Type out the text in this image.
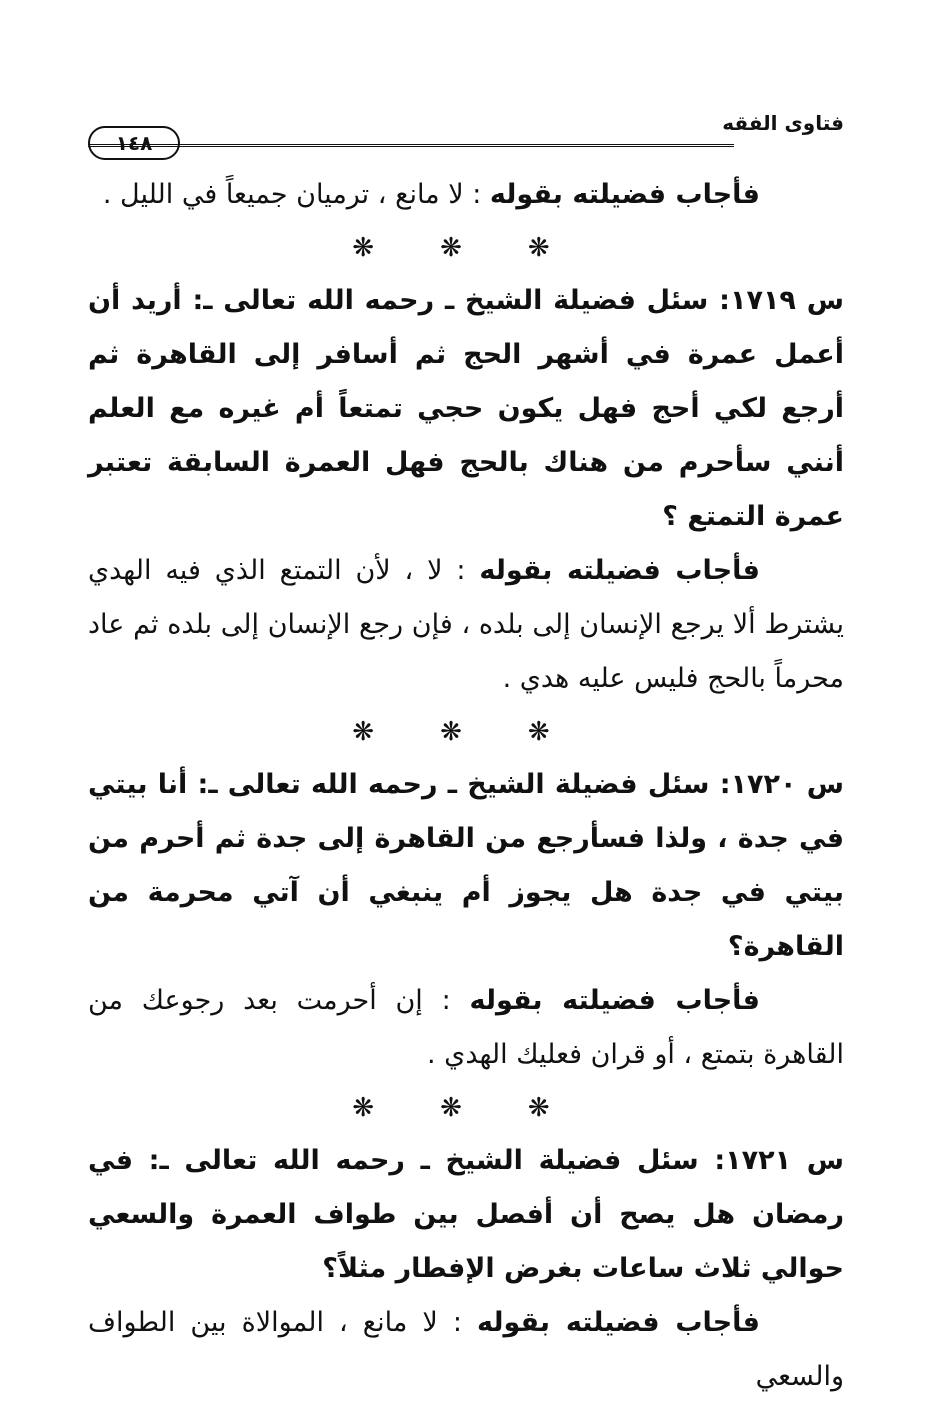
فتاوى الفقه
١٤٨

فأجاب فضيلته بقوله : لا مانع ، ترميان جميعاً في الليل .

❋ ❋ ❋

س ١٧١٩: سئل فضيلة الشيخ ـ رحمه الله تعالى ـ: أريد أن أعمل عمرة في أشهر الحج ثم أسافر إلى القاهرة ثم أرجع لكي أحج فهل يكون حجي تمتعاً أم غيره مع العلم أنني سأحرم من هناك بالحج فهل العمرة السابقة تعتبر عمرة التمتع ؟

فأجاب فضيلته بقوله : لا ، لأن التمتع الذي فيه الهدي يشترط ألا يرجع الإنسان إلى بلده ، فإن رجع الإنسان إلى بلده ثم عاد محرماً بالحج فليس عليه هدي .

❋ ❋ ❋

س ١٧٢٠: سئل فضيلة الشيخ ـ رحمه الله تعالى ـ: أنا بيتي في جدة ، ولذا فسأرجع من القاهرة إلى جدة ثم أحرم من بيتي في جدة هل يجوز أم ينبغي أن آتي محرمة من القاهرة؟

فأجاب فضيلته بقوله : إن أحرمت بعد رجوعك من القاهرة بتمتع ، أو قران فعليك الهدي .

❋ ❋ ❋

س ١٧٢١: سئل فضيلة الشيخ ـ رحمه الله تعالى ـ: في رمضان هل يصح أن أفصل بين طواف العمرة والسعي حوالي ثلاث ساعات بغرض الإفطار مثلاً؟

فأجاب فضيلته بقوله : لا مانع ، الموالاة بين الطواف والسعي
